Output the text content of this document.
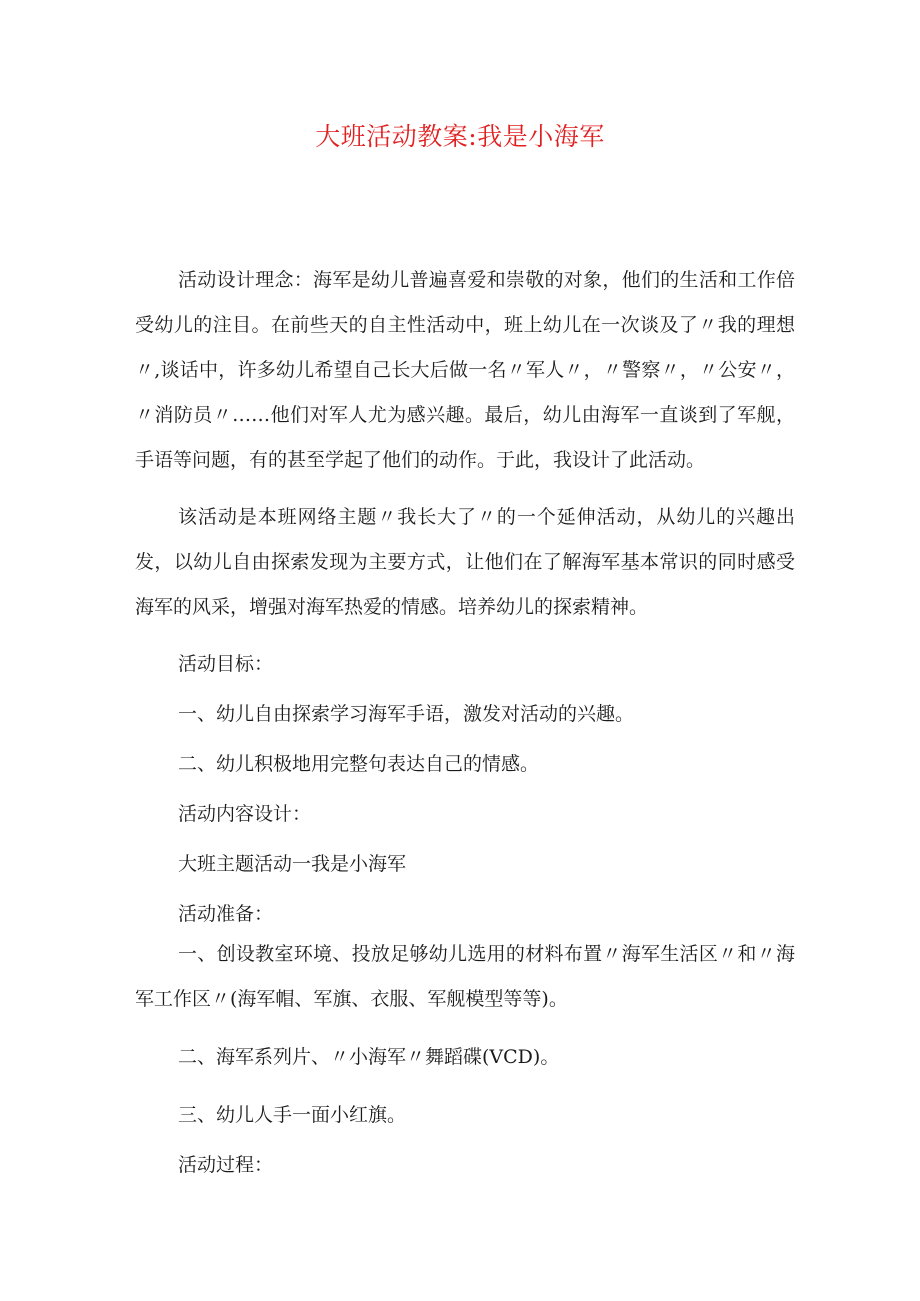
大班活动教案:我是小海军

活动设计理念：海军是幼儿普遍喜爱和崇敬的对象，他们的生活和工作倍受幼儿的注目。在前些天的自主性活动中，班上幼儿在一次谈及了〃我的理想〃,谈话中，许多幼儿希望自己长大后做一名〃军人〃，〃警察〃，〃公安〃，〃消防员〃……他们对军人尤为感兴趣。最后，幼儿由海军一直谈到了军舰，手语等问题，有的甚至学起了他们的动作。于此，我设计了此活动。

该活动是本班网络主题〃我长大了〃的一个延伸活动，从幼儿的兴趣出发，以幼儿自由探索发现为主要方式，让他们在了解海军基本常识的同时感受海军的风采，增强对海军热爱的情感。培养幼儿的探索精神。

活动目标：

一、幼儿自由探索学习海军手语，激发对活动的兴趣。

二、幼儿积极地用完整句表达自己的情感。

活动内容设计：

大班主题活动一我是小海军

活动准备：

一、创设教室环境、投放足够幼儿选用的材料布置〃海军生活区〃和〃海军工作区〃(海军帽、军旗、衣服、军舰模型等等)。

二、海军系列片、〃小海军〃舞蹈碟(VCD)。

三、幼儿人手一面小红旗。

活动过程：
